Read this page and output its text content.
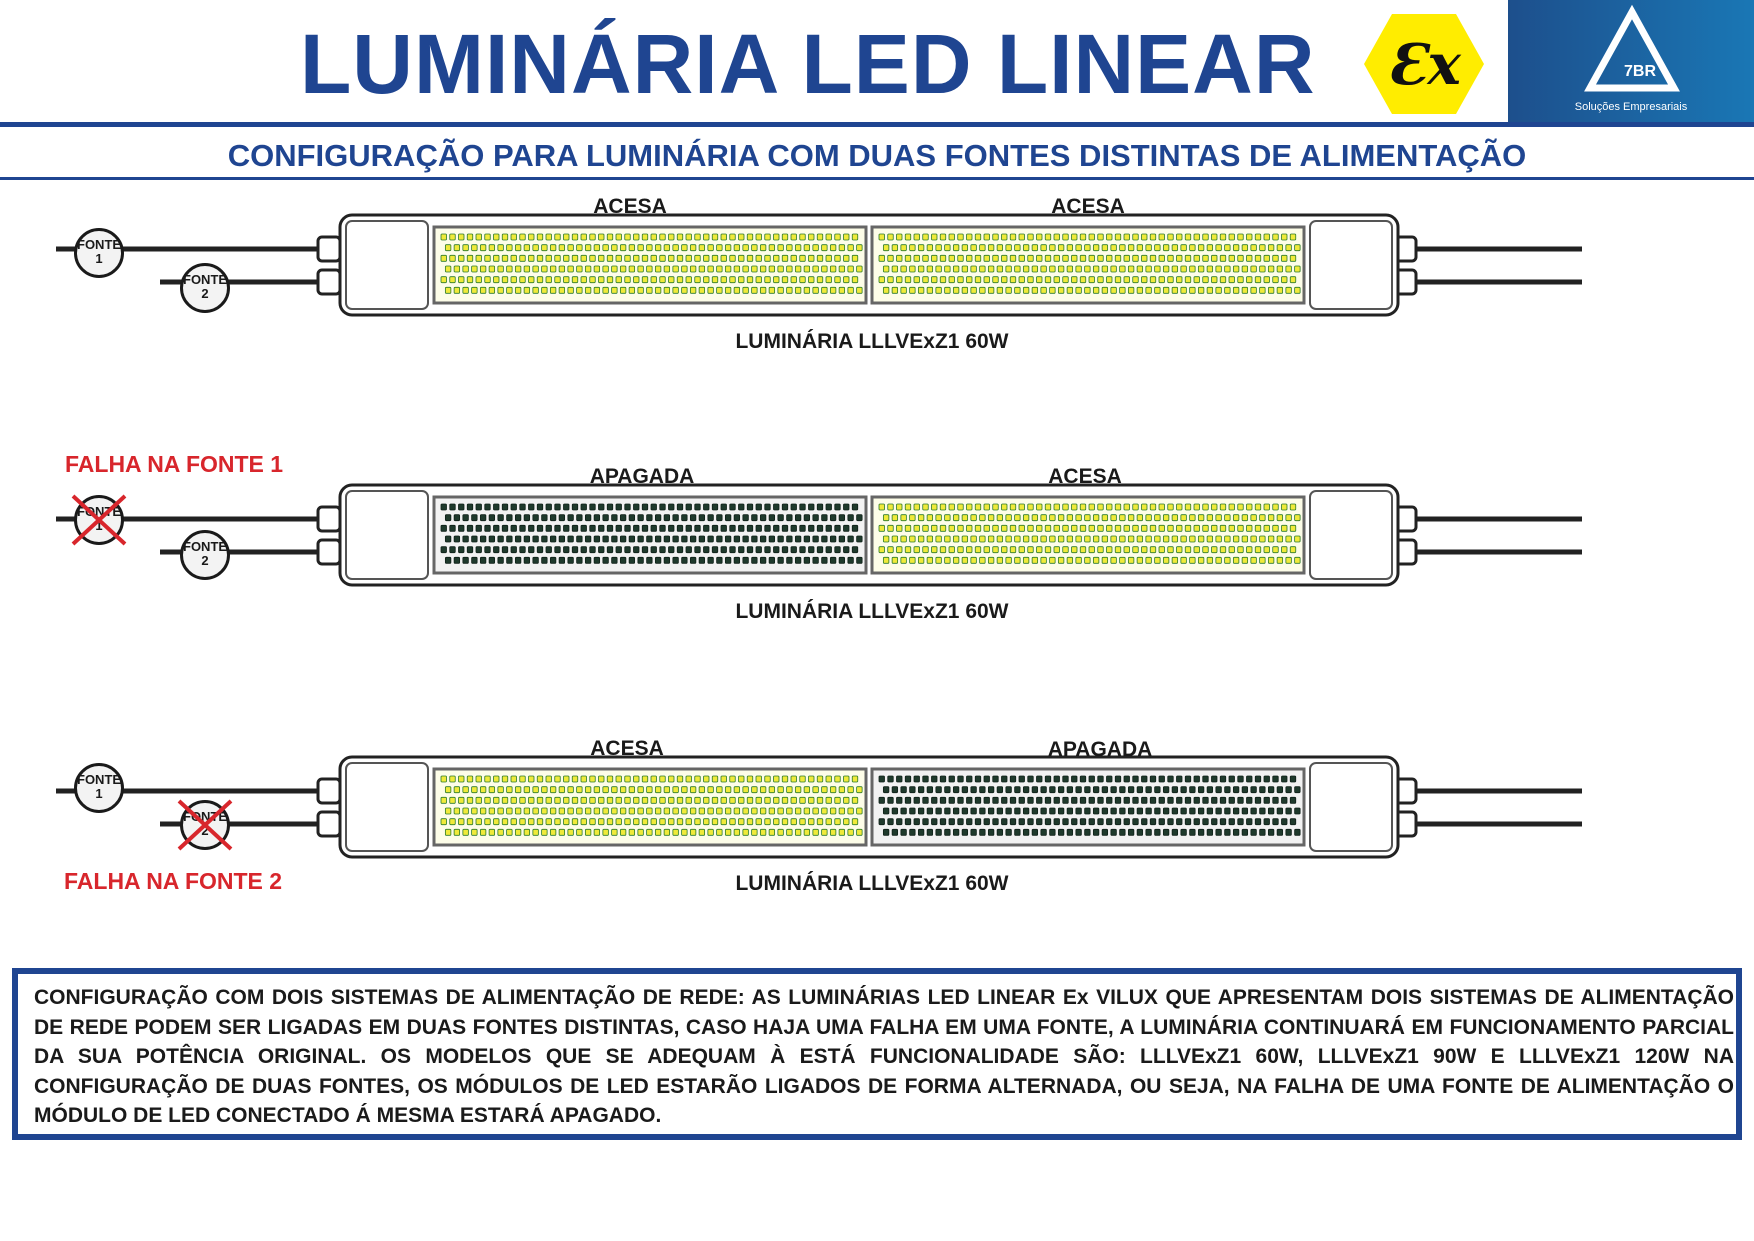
LUMINÁRIA LED LINEAR	Ɛx	7BR
Soluções Empresariais
CONFIGURAÇÃO PARA LUMINÁRIA COM DUAS FONTES DISTINTAS DE ALIMENTAÇÃO
ACESA	ACESA
LUMINÁRIA LLLVExZ1 60W
FALHA NA FONTE 1	APAGADA	ACESA
LUMINÁRIA LLLVExZ1 60W
ACESA	APAGADA
LUMINÁRIA LLLVExZ1 60W
FALHA NA FONTE 2
FONTE
1
FONTE
2
FONTE
1
FONTE
2
FONTE
1
FONTE
2
CONFIGURAÇÃO COM DOIS SISTEMAS DE ALIMENTAÇÃO DE REDE: AS LUMINÁRIAS LED LINEAR Ex VILUX QUE APRESENTAM DOIS SISTEMAS DE ALIMENTAÇÃO DE REDE PODEM SER LIGADAS EM DUAS FONTES DISTINTAS, CASO HAJA UMA FALHA EM UMA FONTE, A LUMINÁRIA CONTINUARÁ EM FUNCIONAMENTO PARCIAL DA SUA POTÊNCIA ORIGINAL. OS MODELOS QUE SE ADEQUAM À ESTÁ FUNCIONALIDADE SÃO: LLLVExZ1 60W, LLLVExZ1 90W E LLLVExZ1 120W NA CONFIGURAÇÃO DE DUAS FONTES, OS MÓDULOS DE LED ESTARÃO LIGADOS DE FORMA ALTERNADA, OU SEJA, NA FALHA DE UMA FONTE DE ALIMENTAÇÃO O MÓDULO DE LED CONECTADO Á MESMA ESTARÁ APAGADO.
